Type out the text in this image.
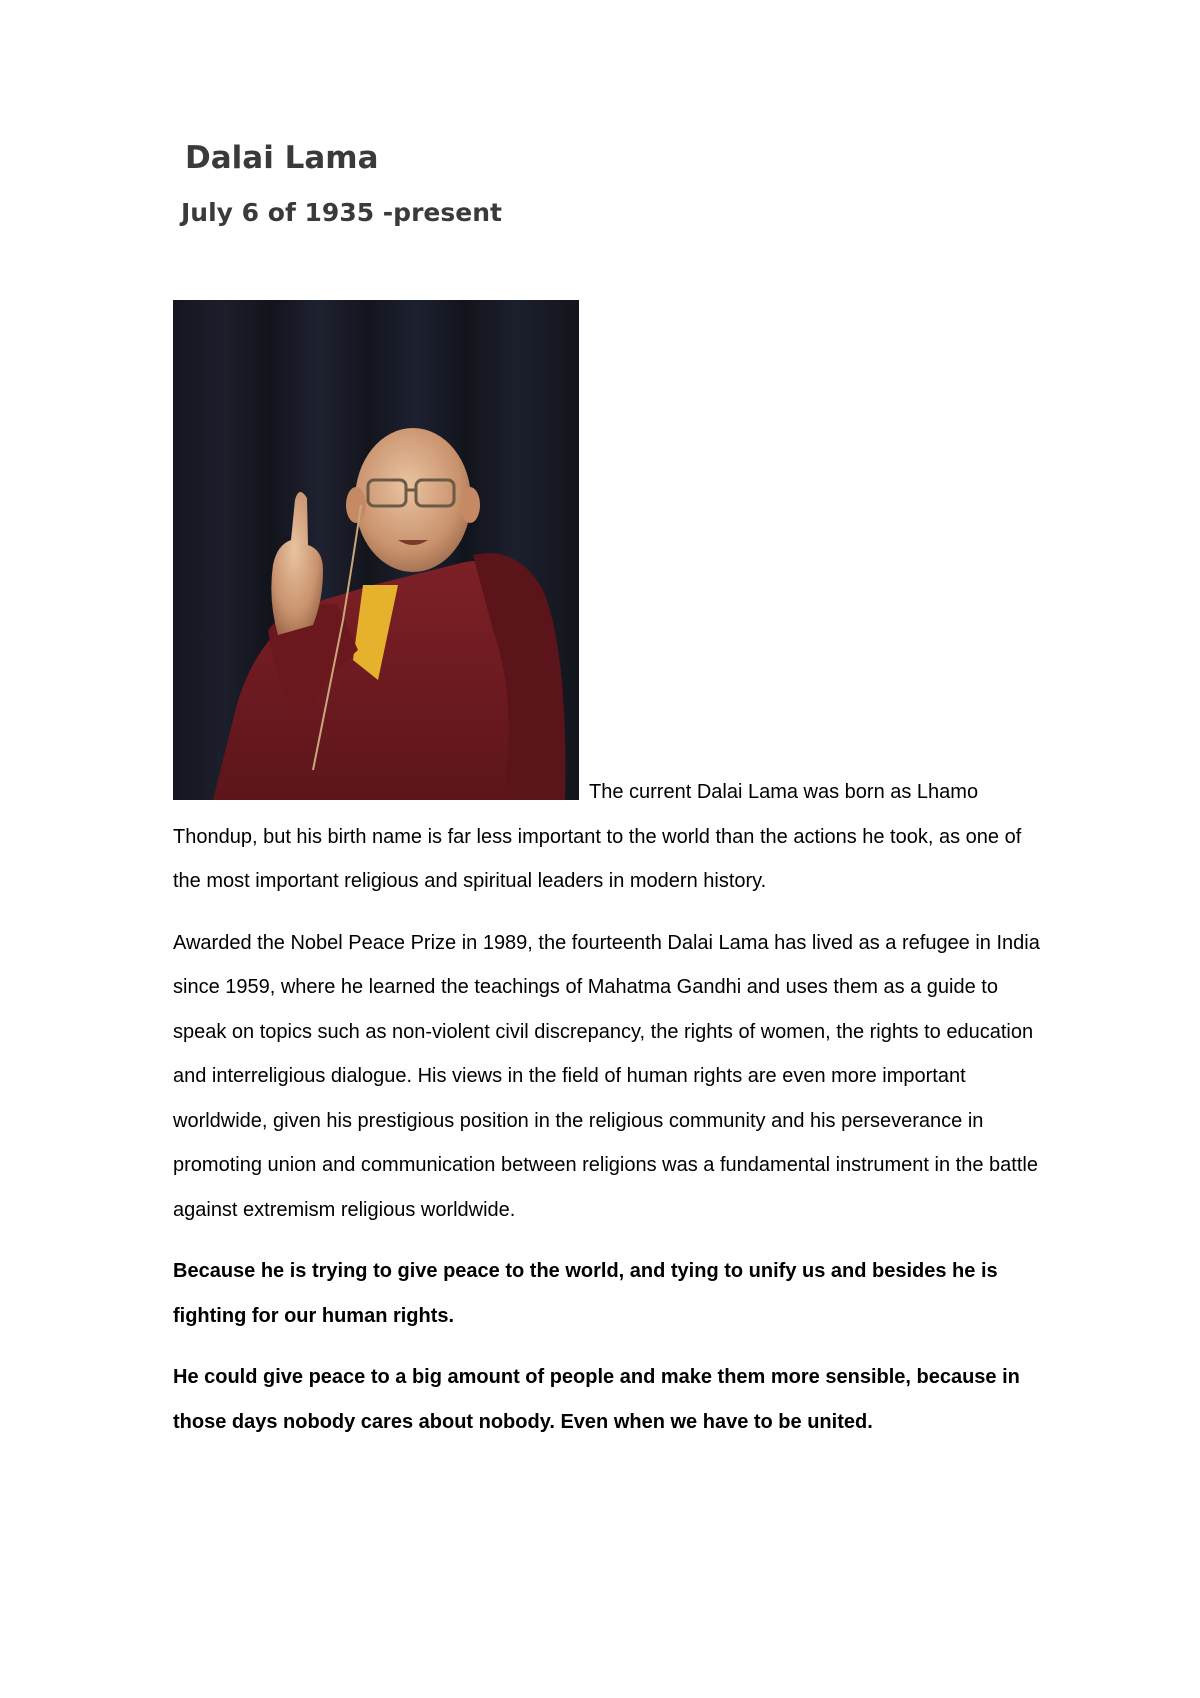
Dalai Lama
July 6 of 1935 -present

The current Dalai Lama was born as Lhamo Thondup, but his birth name is far less important to the world than the actions he took, as one of the most important religious and spiritual leaders in modern history.

Awarded the Nobel Peace Prize in 1989, the fourteenth Dalai Lama has lived as a refugee in India since 1959, where he learned the teachings of Mahatma Gandhi and uses them as a guide to speak on topics such as non-violent civil discrepancy, the rights of women, the rights to education and interreligious dialogue. His views in the field of human rights are even more important worldwide, given his prestigious position in the religious community and his perseverance in promoting union and communication between religions was a fundamental instrument in the battle against extremism religious worldwide.

Because he is trying to give peace to the world, and tying to unify us and besides he is fighting for our human rights.

He could give peace to a big amount of people and make them more sensible, because in those days nobody cares about nobody. Even when we have to be united.
